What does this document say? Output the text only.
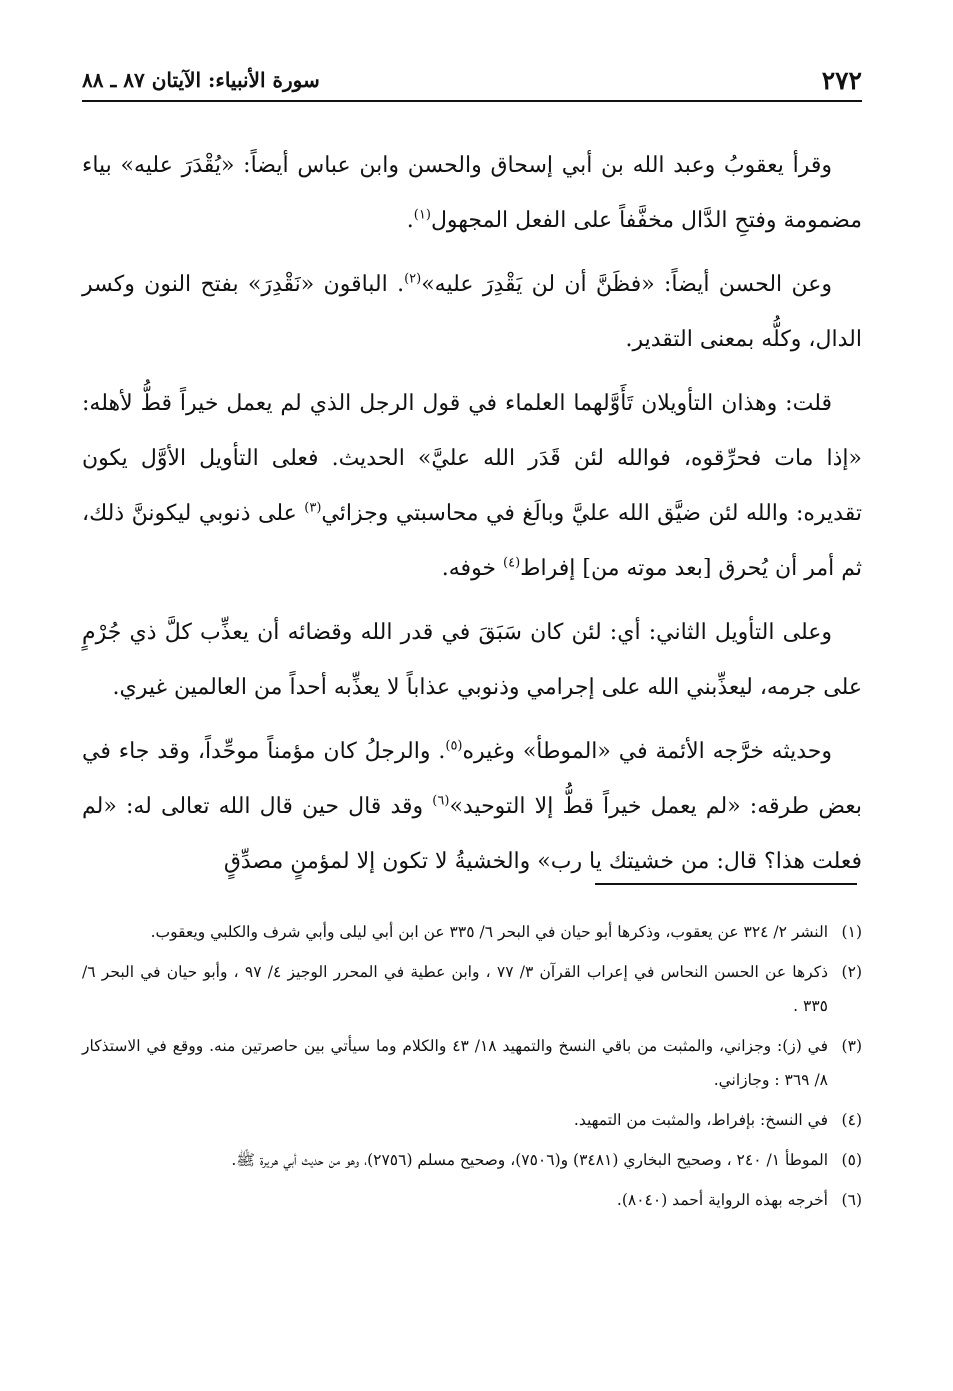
٢٧٢
سورة الأنبياء: الآيتان ٨٧ ـ ٨٨

وقرأ يعقوبُ وعبد الله بن أبي إسحاق والحسن وابن عباس أيضاً: «يُقْدَرَ عليه» بياء مضمومة وفتحِ الدَّال مخفَّفاً على الفعل المجهول$^{(١)}$.

وعن الحسن أيضاً: «فظَنَّ أن لن يَقْدِرَ عليه»$^{(٢)}$. الباقون «نَقْدِرَ» بفتح النون وكسر الدال، وكلُّه بمعنى التقدير.

قلت: وهذان التأويلان تَأَوَّلهما العلماء في قول الرجل الذي لم يعمل خيراً قطُّ لأهله: «إذا مات فحرِّقوه، فوالله لئن قَدَر الله عليَّ» الحديث. فعلى التأويل الأوَّل يكون تقديره: والله لئن ضيَّق الله عليَّ وبالَغ في محاسبتي وجزائي$^{(٣)}$ على ذنوبي ليكوننَّ ذلك، ثم أمر أن يُحرق [بعد موته من] إفراط$^{(٤)}$ خوفه.

وعلى التأويل الثاني: أي: لئن كان سَبَقَ في قدر الله وقضائه أن يعذِّب كلَّ ذي جُرْمٍ على جرمه، ليعذِّبني الله على إجرامي وذنوبي عذاباً لا يعذِّبه أحداً من العالمين غيري.

وحديثه خرَّجه الأئمة في «الموطأ» وغيره$^{(٥)}$. والرجلُ كان مؤمناً موحِّداً، وقد جاء في بعض طرقه: «لم يعمل خيراً قطُّ إلا التوحيد»$^{(٦)}$ وقد قال حين قال الله تعالى له: «لم فعلت هذا؟ قال: من خشيتك يا رب» والخشيةُ لا تكون إلا لمؤمنٍ مصدِّقٍ

(١)
النشر ٢/ ٣٢٤ عن يعقوب، وذكرها أبو حيان في البحر ٦/ ٣٣٥ عن ابن أبي ليلى وأبي شرف والكلبي ويعقوب.
(٢)
ذكرها عن الحسن النحاس في إعراب القرآن ٣/ ٧٧ ، وابن عطية في المحرر الوجيز ٤/ ٩٧ ، وأبو حيان في البحر ٦/ ٣٣٥ .
(٣)
في (ز): وجزاني، والمثبت من باقي النسخ والتمهيد ١٨/ ٤٣ والكلام وما سيأتي بين حاصرتين منه. ووقع في الاستذكار ٨/ ٣٦٩ : وجازاني.
(٤)
في النسخ: بإفراط، والمثبت من التمهيد.
(٥)
الموطأ ١/ ٢٤٠ ، وصحيح البخاري (٣٤٨١) و(٧٥٠٦)، وصحيح مسلم (٢٧٥٦)، وهو من حديث أبي هريرة ﷺ.
(٦)
أخرجه بهذه الرواية أحمد (٨٠٤٠).
